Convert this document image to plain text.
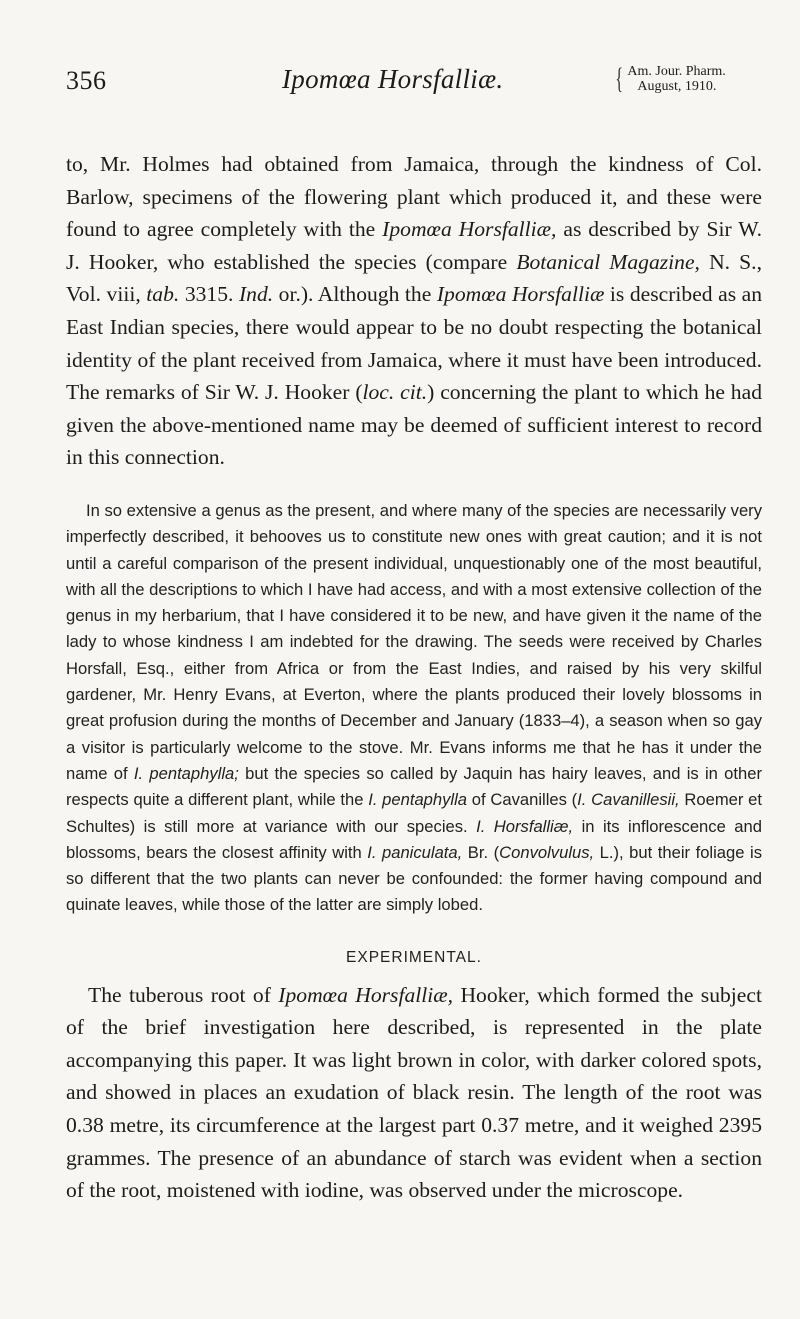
356	Ipomœa Horsfalliæ.	{ Am. Jour. Pharm.
August, 1910.

to, Mr. Holmes had obtained from Jamaica, through the kindness of Col. Barlow, specimens of the flowering plant which produced it, and these were found to agree completely with the Ipomœa Horsfalliæ, as described by Sir W. J. Hooker, who established the species (compare Botanical Magazine, N. S., Vol. viii, tab. 3315. Ind. or.). Although the Ipomœa Horsfalliæ is described as an East Indian species, there would appear to be no doubt respecting the botanical identity of the plant received from Jamaica, where it must have been introduced. The remarks of Sir W. J. Hooker (loc. cit.) concerning the plant to which he had given the above-mentioned name may be deemed of sufficient interest to record in this connection.

In so extensive a genus as the present, and where many of the species are necessarily very imperfectly described, it behooves us to constitute new ones with great caution; and it is not until a careful comparison of the present individual, unquestionably one of the most beautiful, with all the descriptions to which I have had access, and with a most extensive collection of the genus in my herbarium, that I have considered it to be new, and have given it the name of the lady to whose kindness I am indebted for the drawing. The seeds were received by Charles Horsfall, Esq., either from Africa or from the East Indies, and raised by his very skilful gardener, Mr. Henry Evans, at Everton, where the plants produced their lovely blossoms in great profusion during the months of December and January (1833–4), a season when so gay a visitor is particularly welcome to the stove. Mr. Evans informs me that he has it under the name of I. pentaphylla; but the species so called by Jaquin has hairy leaves, and is in other respects quite a different plant, while the I. pentaphylla of Cavanilles (I. Cavanillesii, Roemer et Schultes) is still more at variance with our species. I. Horsfalliæ, in its inflorescence and blossoms, bears the closest affinity with I. paniculata, Br. (Convolvulus, L.), but their foliage is so different that the two plants can never be confounded: the former having compound and quinate leaves, while those of the latter are simply lobed.

EXPERIMENTAL.

The tuberous root of Ipomœa Horsfalliæ, Hooker, which formed the subject of the brief investigation here described, is represented in the plate accompanying this paper. It was light brown in color, with darker colored spots, and showed in places an exudation of black resin. The length of the root was 0.38 metre, its circumference at the largest part 0.37 metre, and it weighed 2395 grammes. The presence of an abundance of starch was evident when a section of the root, moistened with iodine, was observed under the microscope.
